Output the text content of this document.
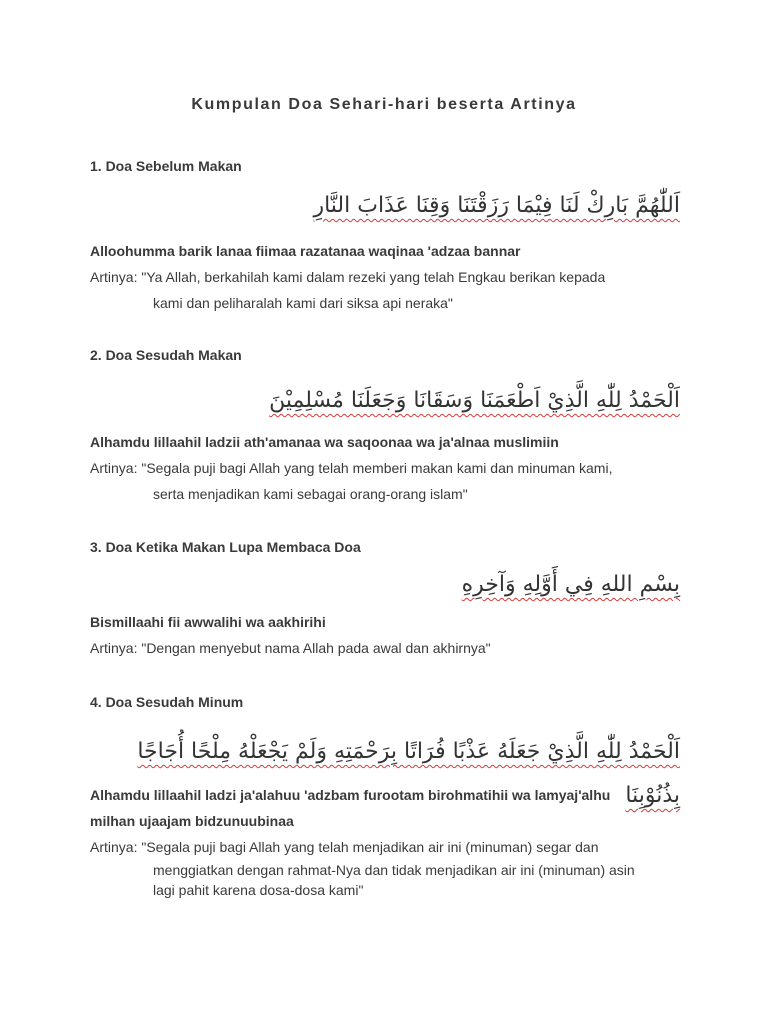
Kumpulan Doa Sehari-hari beserta Artinya

1. Doa Sebelum Makan

اَللّٰهُمَّ بَارِكْ لَنَا فِيْمَا رَزَقْتَنَا وَقِنَا عَذَابَ النَّارِ

Alloohumma barik lanaa fiimaa razatanaa waqinaa 'adzaa bannar

Artinya: "Ya Allah, berkahilah kami dalam rezeki yang telah Engkau berikan kepada
kami dan peliharalah kami dari siksa api neraka"

2. Doa Sesudah Makan

اَلْحَمْدُ لِلّٰهِ الَّذِيْ اَطْعَمَنَا وَسَقَانَا وَجَعَلَنَا مُسْلِمِيْنَ

Alhamdu lillaahil ladzii ath'amanaa wa saqoonaa wa ja'alnaa muslimiin

Artinya: "Segala puji bagi Allah yang telah memberi makan kami dan minuman kami,
serta menjadikan kami sebagai orang-orang islam"

3. Doa Ketika Makan Lupa Membaca Doa

بِسْمِ اللهِ فِي أَوَّلِهِ وَآخِرِهِ

Bismillaahi fii awwalihi wa aakhirihi

Artinya: "Dengan menyebut nama Allah pada awal dan akhirnya"

4. Doa Sesudah Minum

اَلْحَمْدُ لِلّٰهِ الَّذِيْ جَعَلَهُ عَذْبًا فُرَاتًا بِرَحْمَتِهِ وَلَمْ يَجْعَلْهُ مِلْحًا أُجَاجًا بِذُنُوْبِنَا

Alhamdu lillaahil ladzi ja'alahuu 'adzbam furootam birohmatihii wa lamyaj'alhu
milhan ujaajam bidzunuubinaa

Artinya: "Segala puji bagi Allah yang telah menjadikan air ini (minuman) segar dan
menggiatkan dengan rahmat-Nya dan tidak menjadikan air ini (minuman) asin
lagi pahit karena dosa-dosa kami"
